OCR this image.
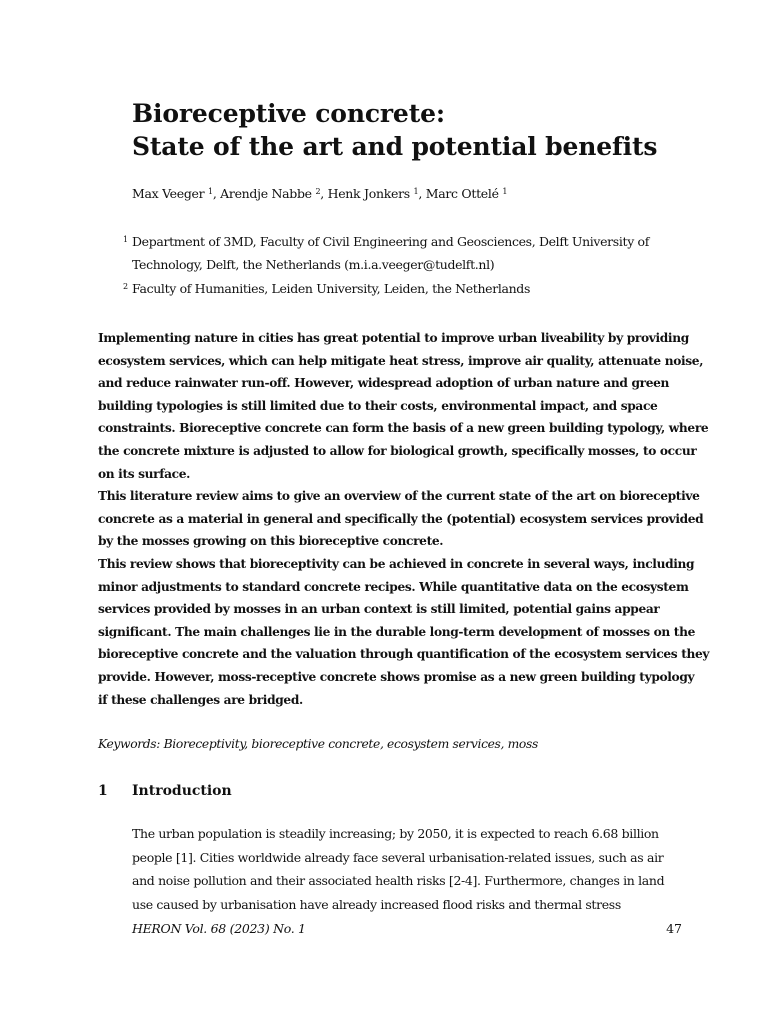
Bioreceptive concrete:
State of the art and potential benefits
Max Veeger $^1$, Arendje Nabbe $^2$, Henk Jonkers $^1$, Marc Ottelé $^1$
1 Department of 3MD, Faculty of Civil Engineering and Geosciences, Delft University of
Technology, Delft, the Netherlands (m.i.a.veeger@tudelft.nl)
2 Faculty of Humanities, Leiden University, Leiden, the Netherlands

Implementing nature in cities has great potential to improve urban liveability by providing

ecosystem services, which can help mitigate heat stress, improve air quality, attenuate noise,

and reduce rainwater run-off. However, widespread adoption of urban nature and green

building typologies is still limited due to their costs, environmental impact, and space

constraints. Bioreceptive concrete can form the basis of a new green building typology, where

the concrete mixture is adjusted to allow for biological growth, specifically mosses, to occur

on its surface.

This literature review aims to give an overview of the current state of the art on bioreceptive

concrete as a material in general and specifically the (potential) ecosystem services provided

by the mosses growing on this bioreceptive concrete.

This review shows that bioreceptivity can be achieved in concrete in several ways, including

minor adjustments to standard concrete recipes. While quantitative data on the ecosystem

services provided by mosses in an urban context is still limited, potential gains appear

significant. The main challenges lie in the durable long-term development of mosses on the

bioreceptive concrete and the valuation through quantification of the ecosystem services they

provide. However, moss-receptive concrete shows promise as a new green building typology

if these challenges are bridged.

Keywords: Bioreceptivity, bioreceptive concrete, ecosystem services, moss
1 Introduction

The urban population is steadily increasing; by 2050, it is expected to reach 6.68 billion

people [1]. Cities worldwide already face several urbanisation-related issues, such as air

and noise pollution and their associated health risks [2-4]. Furthermore, changes in land

use caused by urbanisation have already increased flood risks and thermal stress

HERON Vol. 68 (2023) No. 1	47
